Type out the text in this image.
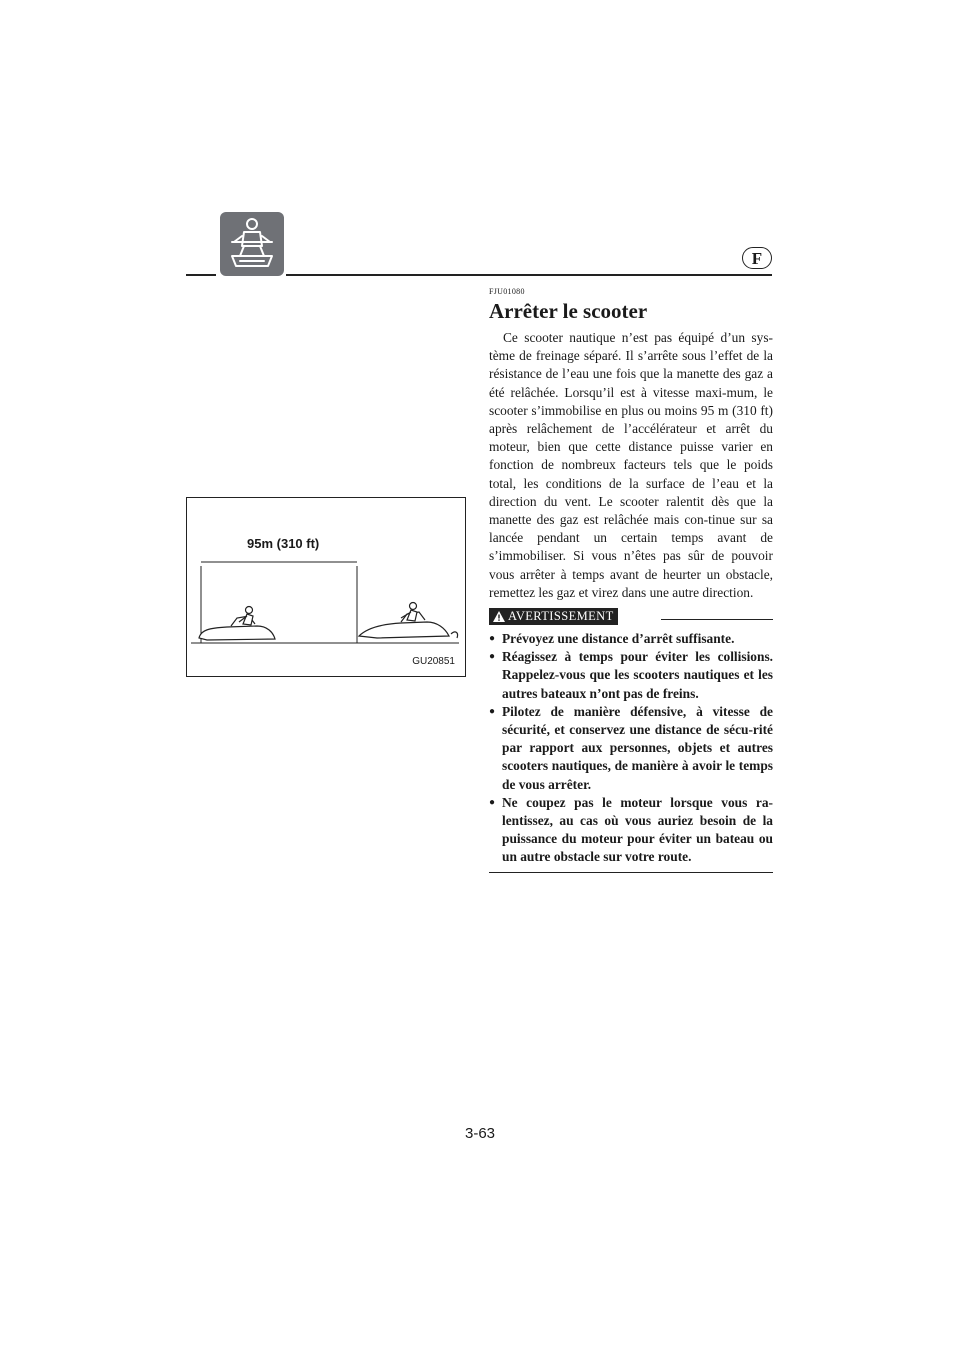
F
95m (310 ft)
GU20851
FJU01080
Arrêter le scooter

Ce scooter nautique n’est pas équipé d’un sys-tème de freinage séparé. Il s’arrête sous l’effet de la résistance de l’eau une fois que la manette des gaz a été relâchée. Lorsqu’il est à vitesse maxi-mum, le scooter s’immobilise en plus ou moins 95 m (310 ft) après relâchement de l’accélérateur et arrêt du moteur, bien que cette distance puisse varier en fonction de nombreux facteurs tels que le poids total, les conditions de la surface de l’eau et la direction du vent. Le scooter ralentit dès que la manette des gaz est relâchée mais con-tinue sur sa lancée pendant un certain temps avant de s’immobiliser. Si vous n’êtes pas sûr de pouvoir vous arrêter à temps avant de heurter un obstacle, remettez les gaz et virez dans une autre direction.

AVERTISSEMENT
● Prévoyez une distance d’arrêt suffisante.
● Réagissez à temps pour éviter les collisions. Rappelez-vous que les scooters nautiques et les autres bateaux n’ont pas de freins.
● Pilotez de manière défensive, à vitesse de sécurité, et conservez une distance de sécu-rité par rapport aux personnes, objets et autres scooters nautiques, de manière à avoir le temps de vous arrêter.
● Ne coupez pas le moteur lorsque vous ra-lentissez, au cas où vous auriez besoin de la puissance du moteur pour éviter un bateau ou un autre obstacle sur votre route.
3-63
